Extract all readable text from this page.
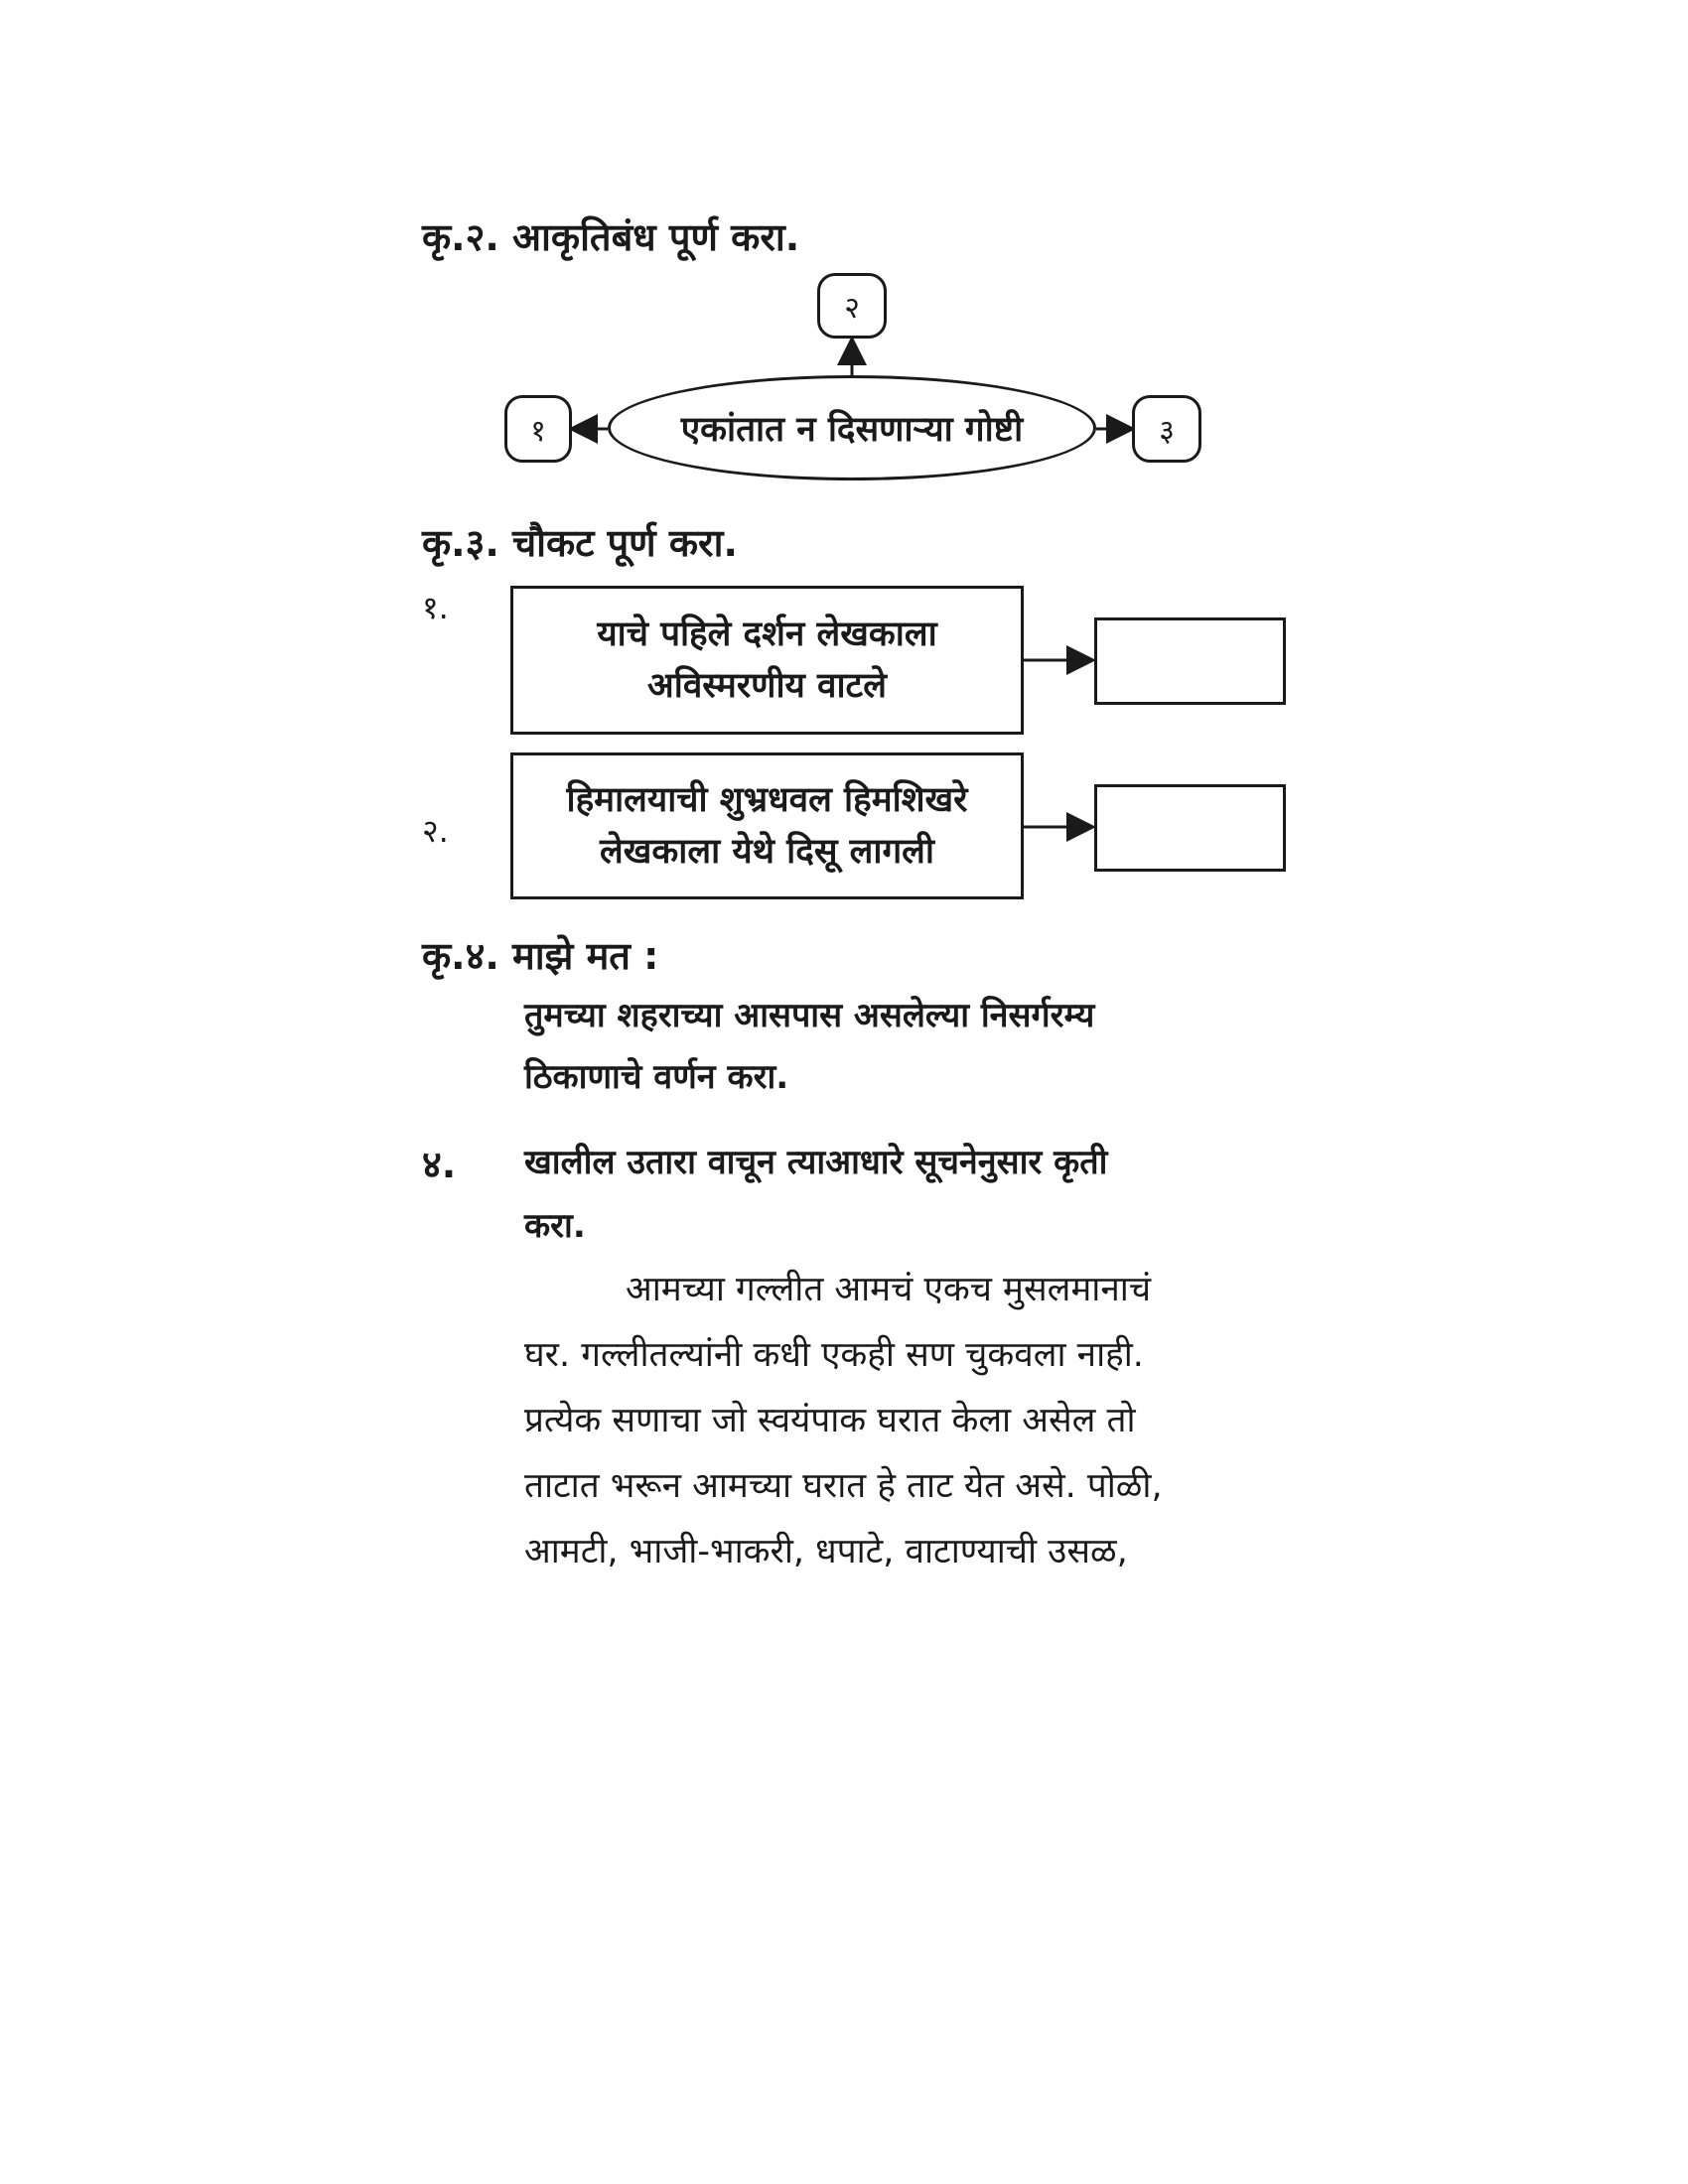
कृ.२. आकृतिबंध पूर्ण करा.
२
एकांतात न दिसणाऱ्या गोष्टी
१	३
कृ.३. चौकट पूर्ण करा.
१.
याचे पहिले दर्शन लेखकाला
अविस्मरणीय वाटले
२.
हिमालयाची शुभ्रधवल हिमशिखरे
लेखकाला येथे दिसू लागली
कृ.४. माझे मत :
तुमच्या शहराच्या आसपास असलेल्या निसर्गरम्य
ठिकाणाचे वर्णन करा.
४. खालील उतारा वाचून त्याआधारे सूचनेनुसार कृती
करा.
आमच्या गल्लीत आमचं एकच मुसलमानाचं
घर. गल्लीतल्यांनी कधी एकही सण चुकवला नाही.
प्रत्येक सणाचा जो स्वयंपाक घरात केला असेल तो
ताटात भरून आमच्या घरात हे ताट येत असे. पोळी,
आमटी, भाजी-भाकरी, धपाटे, वाटाण्याची उसळ,
